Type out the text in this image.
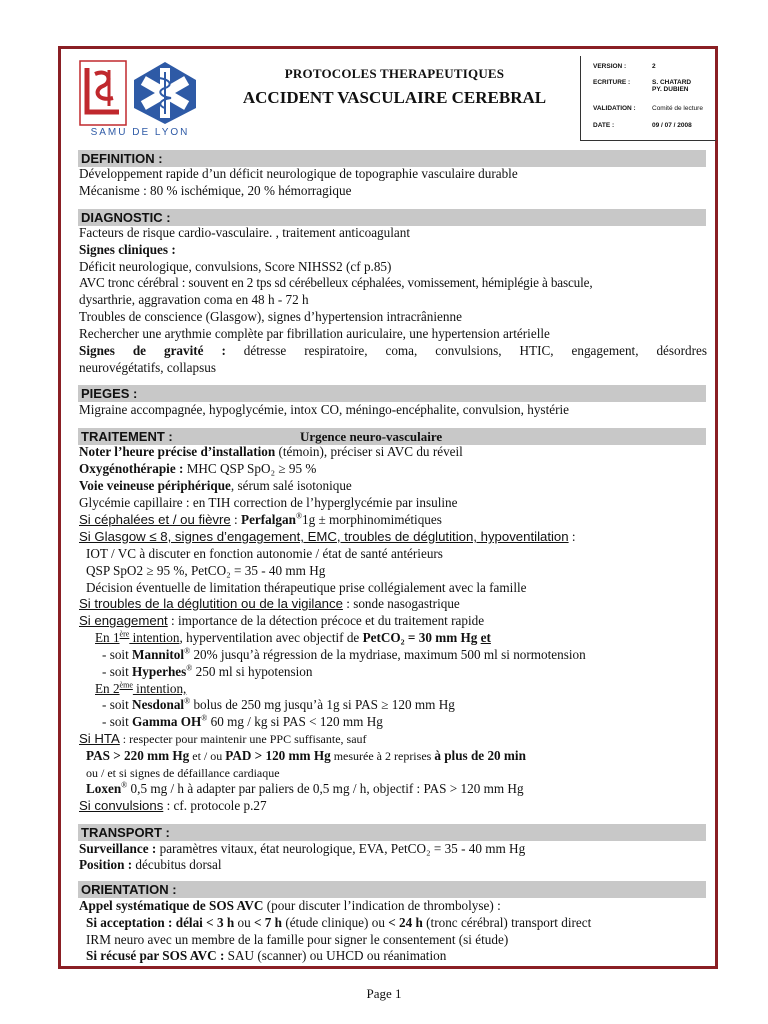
SAMU DE LYON
PROTOCOLES THERAPEUTIQUES
ACCIDENT VASCULAIRE CEREBRAL
VERSION :	2
ECRITURE :	S. CHATARD
PY. DUBIEN
VALIDATION :	Comité de lecture
DATE :	09 / 07 / 2008
DEFINITION :
Développement rapide d’un déficit neurologique de topographie vasculaire durable
Mécanisme : 80 % ischémique, 20 % hémorragique
DIAGNOSTIC :
Facteurs de risque cardio-vasculaire. , traitement anticoagulant
Signes cliniques :
Déficit neurologique, convulsions, Score NIHSS2 (cf p.85)
AVC tronc cérébral : souvent en 2 tps sd cérébelleux céphalées, vomissement, hémiplégie à bascule,
dysarthrie, aggravation coma en 48 h - 72 h
Troubles de conscience (Glasgow), signes d’hypertension intracrânienne
Rechercher une arythmie complète par fibrillation auriculaire, une hypertension artérielle
Signes de gravité : détresse respiratoire, coma, convulsions, HTIC, engagement, désordres
neurovégétatifs, collapsus
PIEGES :
Migraine accompagnée, hypoglycémie, intox CO, méningo-encéphalite, convulsion, hystérie
TRAITEMENT :	Urgence neuro-vasculaire
Noter l’heure précise d’installation (témoin), préciser si AVC du réveil
Oxygénothérapie : MHC QSP SpO₂ ≥ 95 %
Voie veineuse périphérique, sérum salé isotonique
Glycémie capillaire : en TIH correction de l’hyperglycémie par insuline
Si céphalées et / ou fièvre : Perfalgan®1g ± morphinomimétiques
Si Glasgow ≤ 8, signes d’engagement, EMC, troubles de déglutition, hypoventilation :
IOT / VC à discuter en fonction autonomie / état de santé antérieurs
QSP SpO2 ≥ 95 %, PetCO₂ = 35 - 40 mm Hg
Décision éventuelle de limitation thérapeutique prise collégialement avec la famille
Si troubles de la déglutition ou de la vigilance : sonde nasogastrique
Si engagement : importance de la détection précoce et du traitement rapide
En 1ère intention, hyperventilation avec objectif de PetCO₂ = 30 mm Hg et
- soit Mannitol® 20% jusqu’à régression de la mydriase, maximum 500 ml si normotension
- soit Hyperhes® 250 ml si hypotension
En 2ème intention,
- soit Nesdonal® bolus de 250 mg jusqu’à 1g si PAS ≥ 120 mm Hg
- soit Gamma OH® 60 mg / kg si PAS < 120 mm Hg
Si HTA : respecter pour maintenir une PPC suffisante, sauf
PAS > 220 mm Hg et / ou PAD > 120 mm Hg mesurée à 2 reprises à plus de 20 min
ou / et si signes de défaillance cardiaque
Loxen® 0,5 mg / h à adapter par paliers de 0,5 mg / h, objectif : PAS > 120 mm Hg
Si convulsions : cf. protocole p.27
TRANSPORT :
Surveillance : paramètres vitaux, état neurologique, EVA, PetCO₂ = 35 - 40 mm Hg
Position : décubitus dorsal
ORIENTATION :
Appel systématique de SOS AVC (pour discuter l’indication de thrombolyse) :
Si acceptation : délai < 3 h ou < 7 h (étude clinique) ou < 24 h (tronc cérébral) transport direct
IRM neuro avec un membre de la famille pour signer le consentement (si étude)
Si récusé par SOS AVC : SAU (scanner) ou UHCD ou réanimation
Page 1
